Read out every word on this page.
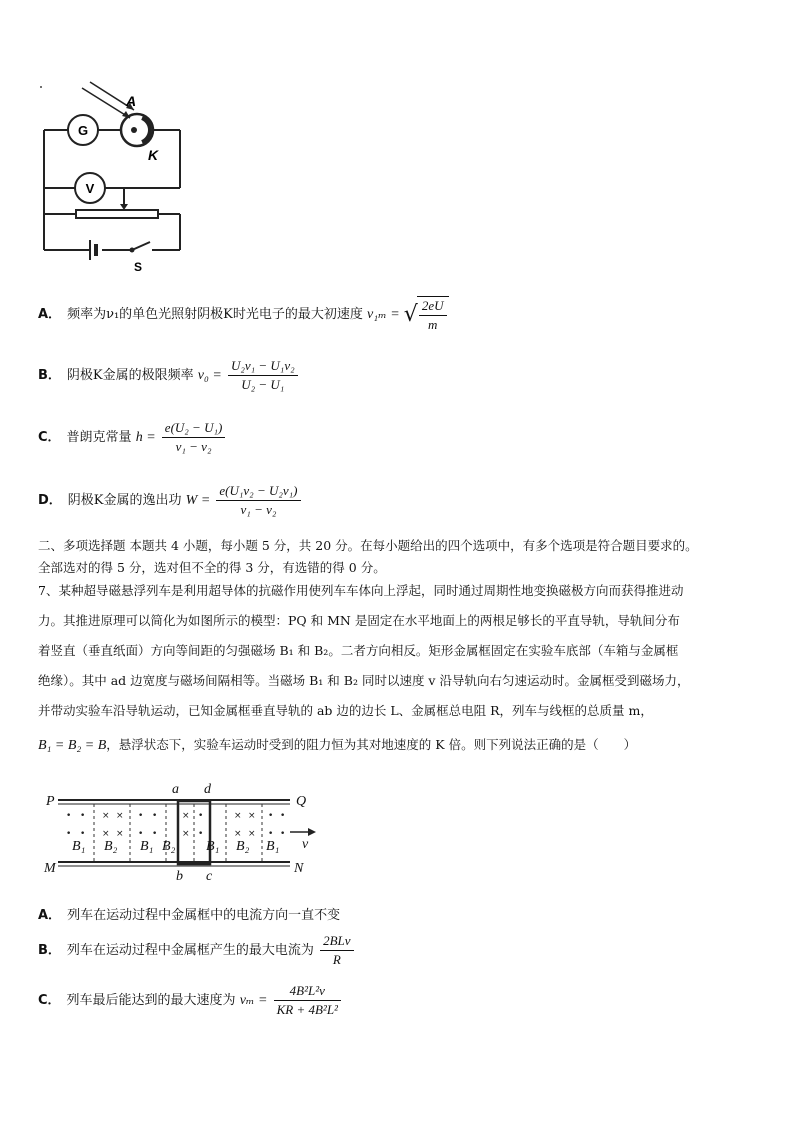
G
V
A
K
S
A． 频率为ν₁的单色光照射阴极K时光电子的最大初速度 ν₁ₘ = √ $\frac{2eU}{m}$
B． 阴极K金属的极限频率 $\nu_0 = \frac{\text{U₂ν₁ − U₁ν₂}}{\text{U₂ − U₁}}$
C． 普朗克常量 $h = \frac{\text{e(U₂ − U₁)}}{\text{ν₁ − ν₂}}$
D． 阴极K金属的逸出功 $W = \frac{\text{e(U₁ν₂ − U₂ν₁)}}{\text{ν₁ − ν₂}}$
二、多项选择题 本题共 4 小题，每小题 5 分，共 20 分。在每小题给出的四个选项中，有多个选项是符合题目要求的。
全部选对的得 5 分，选对但不全的得 3 分，有选错的得 0 分。
7、某种超导磁悬浮列车是利用超导体的抗磁作用使列车车体向上浮起，同时通过周期性地变换磁极方向而获得推进动
力。其推进原理可以简化为如图所示的模型：PQ 和 MN 是固定在水平地面上的两根足够长的平直导轨，导轨间分布
着竖直（垂直纸面）方向等间距的匀强磁场 B₁ 和 B₂。二者方向相反。矩形金属框固定在实验车底部（车箱与金属框
绝缘）。其中 ad 边宽度与磁场间隔相等。当磁场 B₁ 和 B₂ 同时以速度 v 沿导轨向右匀速运动时。金属框受到磁场力，
并带动实验车沿导轨运动，已知金属框垂直导轨的 ab 边的边长 L、金属框总电阻 R，列车与线框的总质量 m，
B₁ = B₂ = B，悬浮状态下，实验车运动时受到的阻力恒为其对地速度的 K 倍。则下列说法正确的是（　　）
• •
• •
× ×
× ×
• •
• •
× •
× •
× ×
× ×
• •
• •
B₁ B₂ B₁ B₂ B₁ B₂ B₁
P	Q
M	N
a d
b c
v
A． 列车在运动过程中金属框中的电流方向一直不变
B． 列车在运动过程中金属框产生的最大电流为 $\frac{\text{2BLv}}{R}$
C． 列车最后能达到的最大速度为 $v_m = \frac{\text{4B²L²v}}{\text{KR + 4B²L²}}$
